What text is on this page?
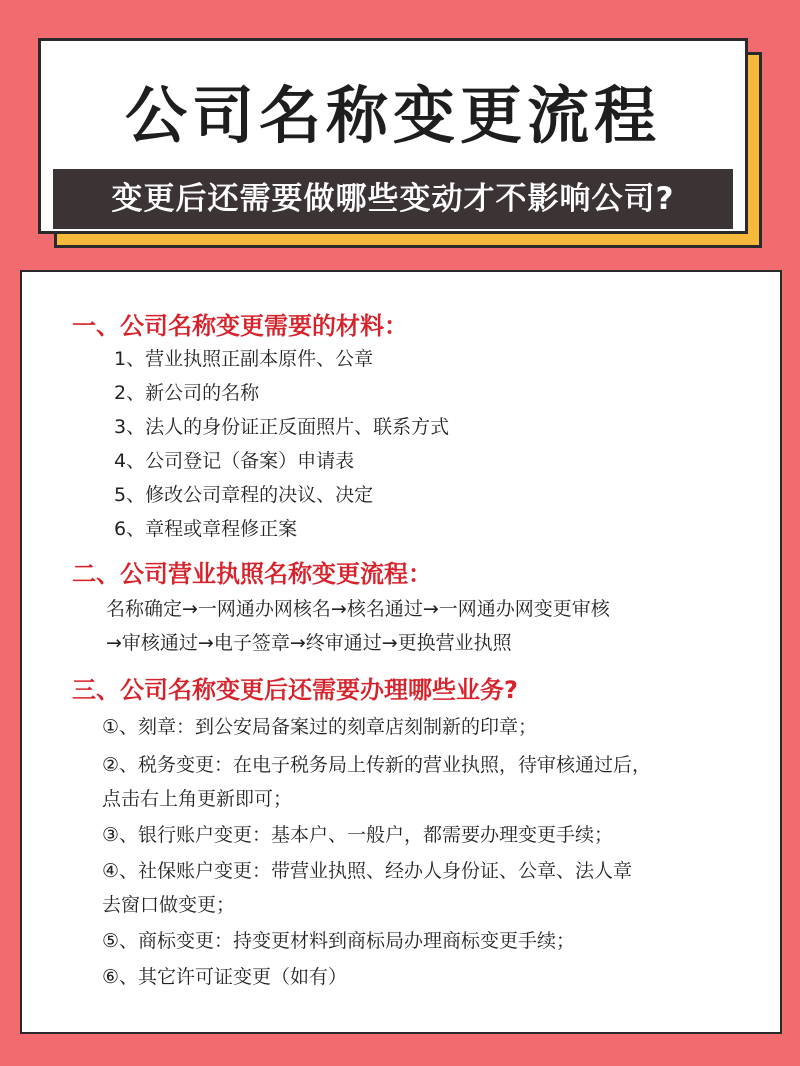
公司名称变更流程
变更后还需要做哪些变动才不影响公司?
一、公司名称变更需要的材料：
1、营业执照正副本原件、公章
2、新公司的名称
3、法人的身份证正反面照片、联系方式
4、公司登记（备案）申请表
5、修改公司章程的决议、决定
6、章程或章程修正案
二、公司营业执照名称变更流程：
名称确定→一网通办网核名→核名通过→一网通办网变更审核
→审核通过→电子签章→终审通过→更换营业执照
三、公司名称变更后还需要办理哪些业务?
①、刻章：到公安局备案过的刻章店刻制新的印章；
②、税务变更：在电子税务局上传新的营业执照，待审核通过后，
点击右上角更新即可；
③、银行账户变更：基本户、一般户，都需要办理变更手续；
④、社保账户变更：带营业执照、经办人身份证、公章、法人章
去窗口做变更；
⑤、商标变更：持变更材料到商标局办理商标变更手续；
⑥、其它许可证变更（如有）
